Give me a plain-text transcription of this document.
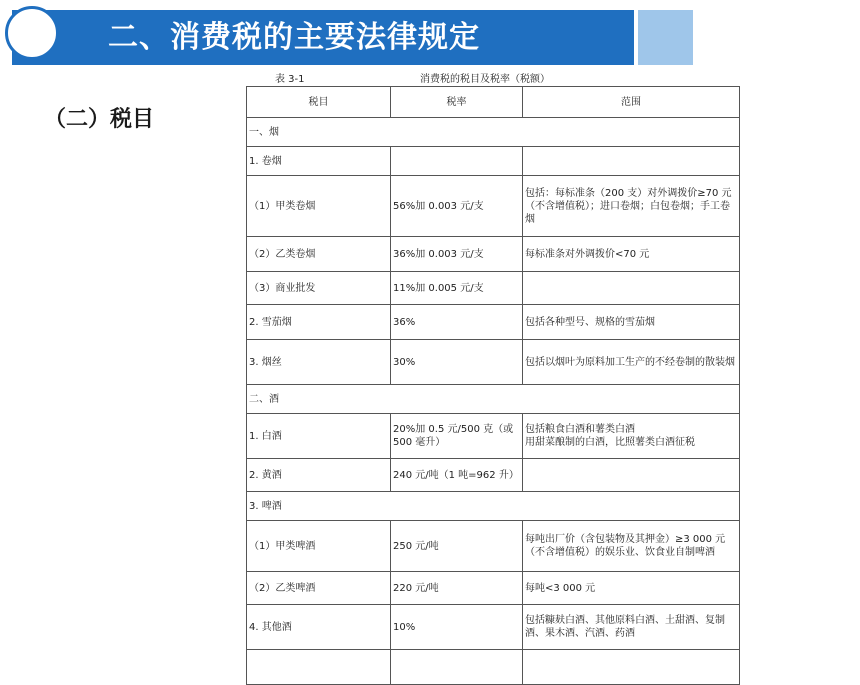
二、消费税的主要法律规定
（二）税目
表 3-1	消费税的税目及税率（税额）
税目	税率	范围
一、烟		
1. 卷烟		
（1）甲类卷烟	56%加 0.003 元/支	包括：每标准条（200 支）对外调拨价≥70 元（不含增值税）；进口卷烟；白包卷烟；手工卷烟
（2）乙类卷烟	36%加 0.003 元/支	每标准条对外调拨价<70 元
（3）商业批发	11%加 0.005 元/支	
2. 雪茄烟	36%	包括各种型号、规格的雪茄烟
3. 烟丝	30%	包括以烟叶为原料加工生产的不经卷制的散装烟
二、酒		
1. 白酒	20%加 0.5 元/500 克（或 500 毫升）	包括粮食白酒和薯类白酒
用甜菜酿制的白酒，比照薯类白酒征税
2. 黄酒	240 元/吨（1 吨=962 升）	
3. 啤酒		
（1）甲类啤酒	250 元/吨	每吨出厂价（含包装物及其押金）≥3 000 元（不含增值税）的娱乐业、饮食业自制啤酒
（2）乙类啤酒	220 元/吨	每吨<3 000 元
4. 其他酒	10%	包括糠麸白酒、其他原料白酒、土甜酒、复制酒、果木酒、汽酒、药酒
